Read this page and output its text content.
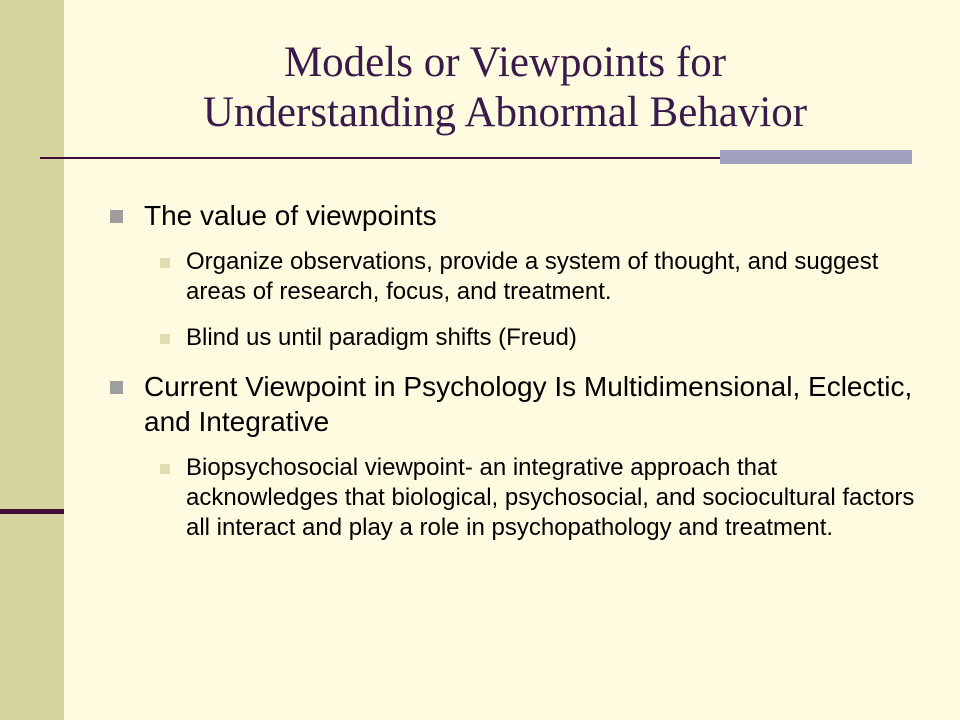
Models or Viewpoints for
Understanding Abnormal Behavior
The value of viewpoints
Organize observations, provide a system of thought, and suggest areas of research, focus, and treatment.
Blind us until paradigm shifts (Freud)
Current Viewpoint in Psychology Is Multidimensional, Eclectic, and Integrative
Biopsychosocial viewpoint- an integrative approach that acknowledges that biological, psychosocial, and sociocultural factors all interact and play a role in psychopathology and treatment.
